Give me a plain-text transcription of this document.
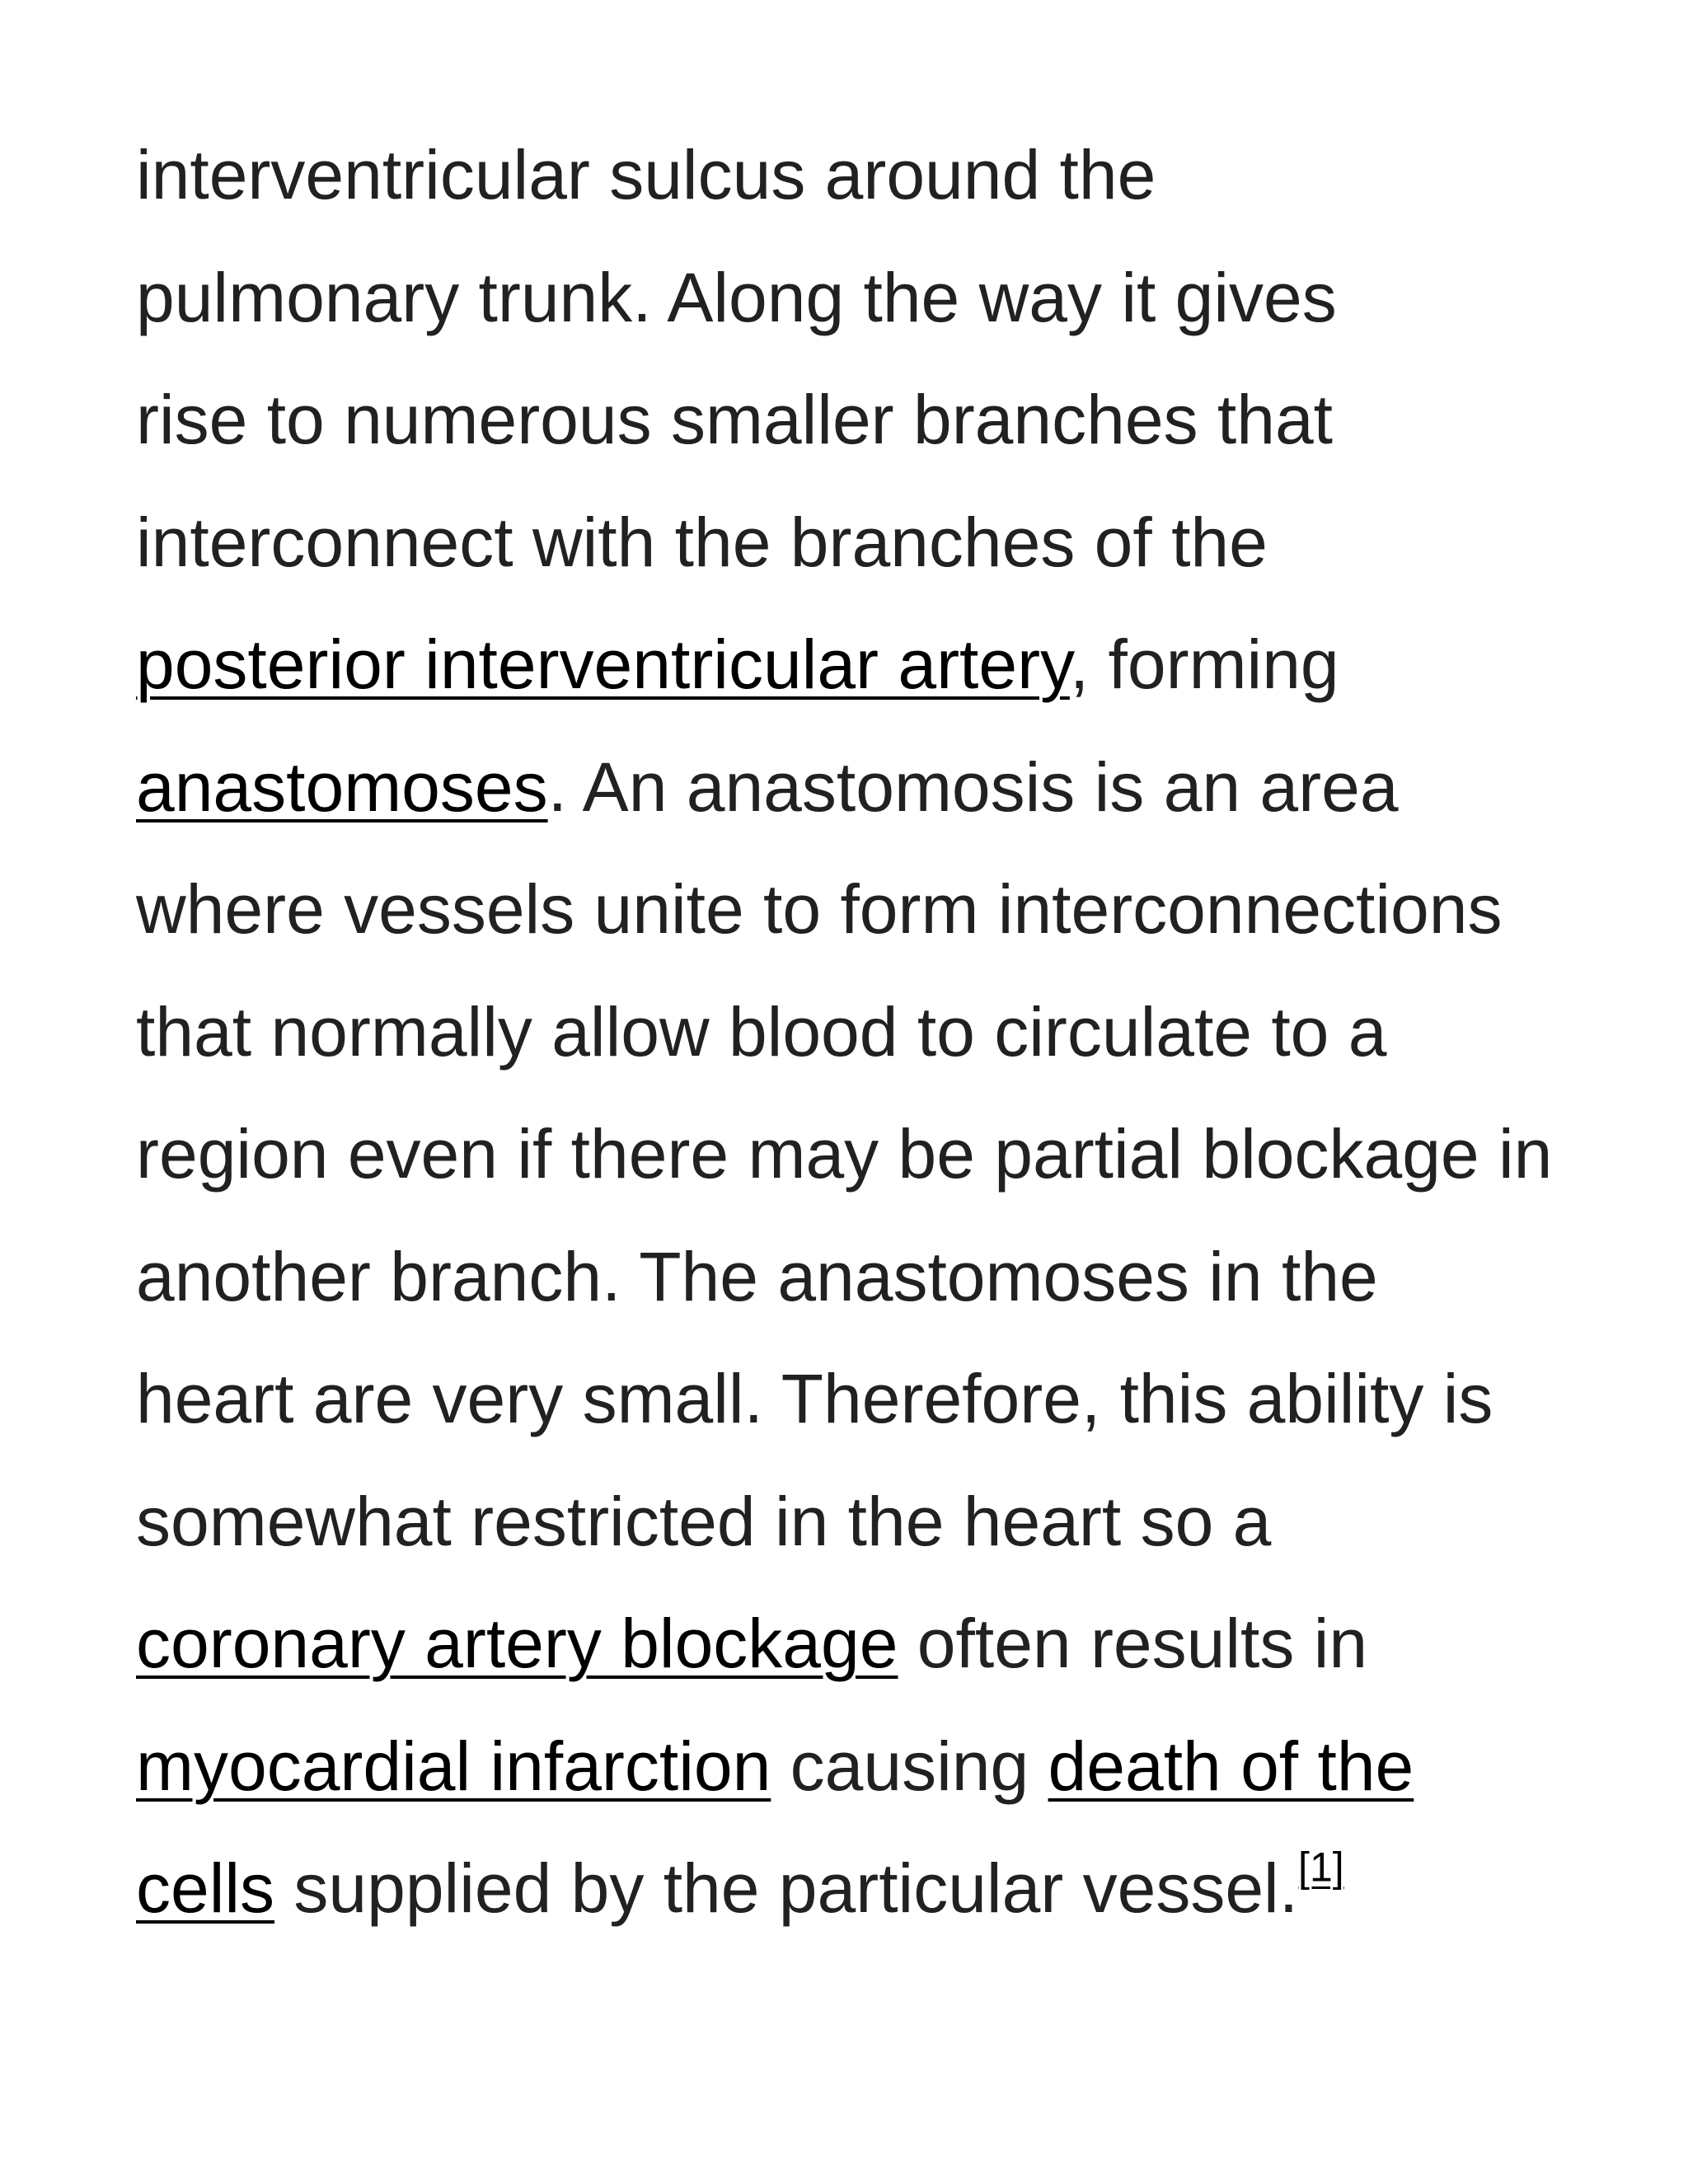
interventricular sulcus around the
pulmonary trunk. Along the way it gives
rise to numerous smaller branches that
interconnect with the branches of the
posterior interventricular artery, forming anastomoses. An anastomosis is an area where vessels unite to form interconnections that normally allow blood to circulate to a region even if there may be partial blockage in another branch. The anastomoses in the heart are very small. Therefore, this ability is somewhat restricted in the heart so a coronary artery blockage often results in myocardial infarction causing death of the cells supplied by the particular vessel.[1]
